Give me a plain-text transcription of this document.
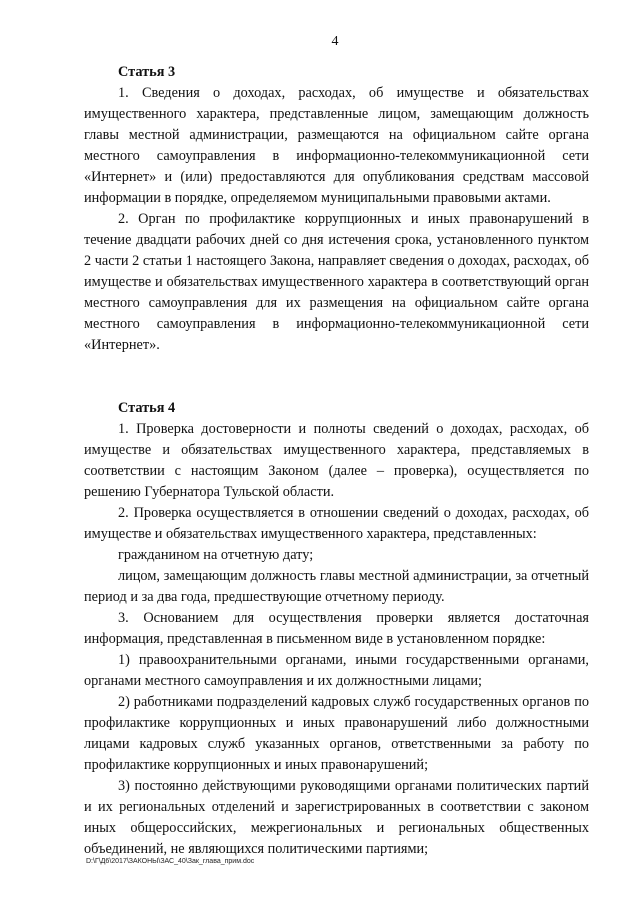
4

Статья 3

1. Сведения о доходах, расходах, об имуществе и обязательствах имущественного характера, представленные лицом, замещающим должность главы местной администрации, размещаются на официальном сайте органа местного самоуправления в информационно-телекоммуникационной сети «Интернет» и (или) предоставляются для опубликования средствам массовой информации в порядке, определяемом муниципальными правовыми актами.

2. Орган по профилактике коррупционных и иных правонарушений в течение двадцати рабочих дней со дня истечения срока, установленного пунктом 2 части 2 статьи 1 настоящего Закона, направляет сведения о доходах, расходах, об имуществе и обязательствах имущественного характера в соответствующий орган местного самоуправления для их размещения на официальном сайте органа местного самоуправления в информационно-телекоммуникационной сети «Интернет».

Статья 4

1. Проверка достоверности и полноты сведений о доходах, расходах, об имуществе и обязательствах имущественного характера, представляемых в соответствии с настоящим Законом (далее – проверка), осуществляется по решению Губернатора Тульской области.

2. Проверка осуществляется в отношении сведений о доходах, расходах, об имуществе и обязательствах имущественного характера, представленных:

гражданином на отчетную дату;

лицом, замещающим должность главы местной администрации, за отчетный период и за два года, предшествующие отчетному периоду.

3. Основанием для осуществления проверки является достаточная информация, представленная в письменном виде в установленном порядке:

1) правоохранительными органами, иными государственными органами, органами местного самоуправления и их должностными лицами;

2) работниками подразделений кадровых служб государственных органов по профилактике коррупционных и иных правонарушений либо должностными лицами кадровых служб указанных органов, ответственными за работу по профилактике коррупционных и иных правонарушений;

3) постоянно действующими руководящими органами политических партий и их региональных отделений и зарегистрированных в соответствии с законом иных общероссийских, межрегиональных и региональных общественных объединений, не являющихся политическими партиями;

D:\Г\Д6\2017\ЗАКОНЫ\ЗАС_40\Зак_глава_прим.doc
